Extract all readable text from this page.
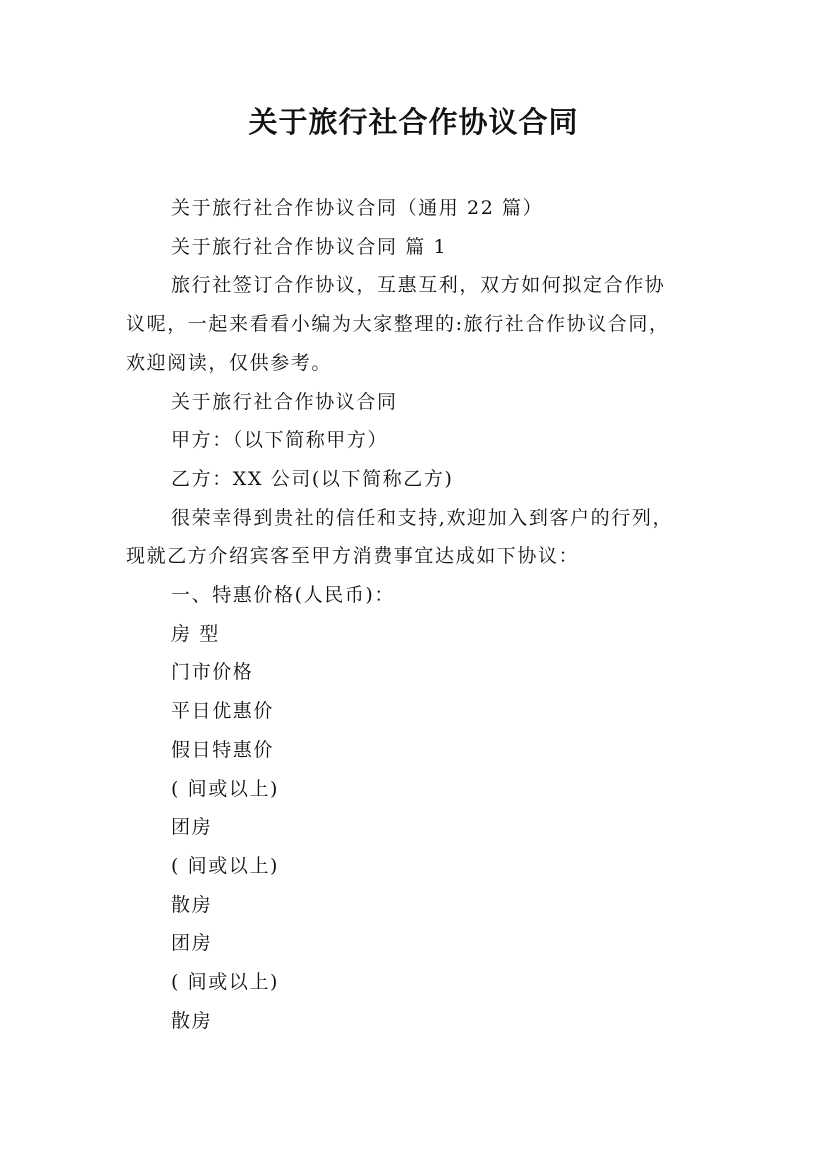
关于旅行社合作协议合同

关于旅行社合作协议合同（通用 22 篇）

关于旅行社合作协议合同 篇 1

旅行社签订合作协议，互惠互利，双方如何拟定合作协
议呢，一起来看看小编为大家整理的:旅行社合作协议合同，
欢迎阅读，仅供参考。

关于旅行社合作协议合同

甲方：（以下简称甲方）

乙方：XX 公司(以下简称乙方)

很荣幸得到贵社的信任和支持,欢迎加入到客户的行列，
现就乙方介绍宾客至甲方消费事宜达成如下协议：

一、特惠价格(人民币)：

房 型

门市价格

平日优惠价

假日特惠价

( 间或以上)

团房

( 间或以上)

散房

团房

( 间或以上)

散房
